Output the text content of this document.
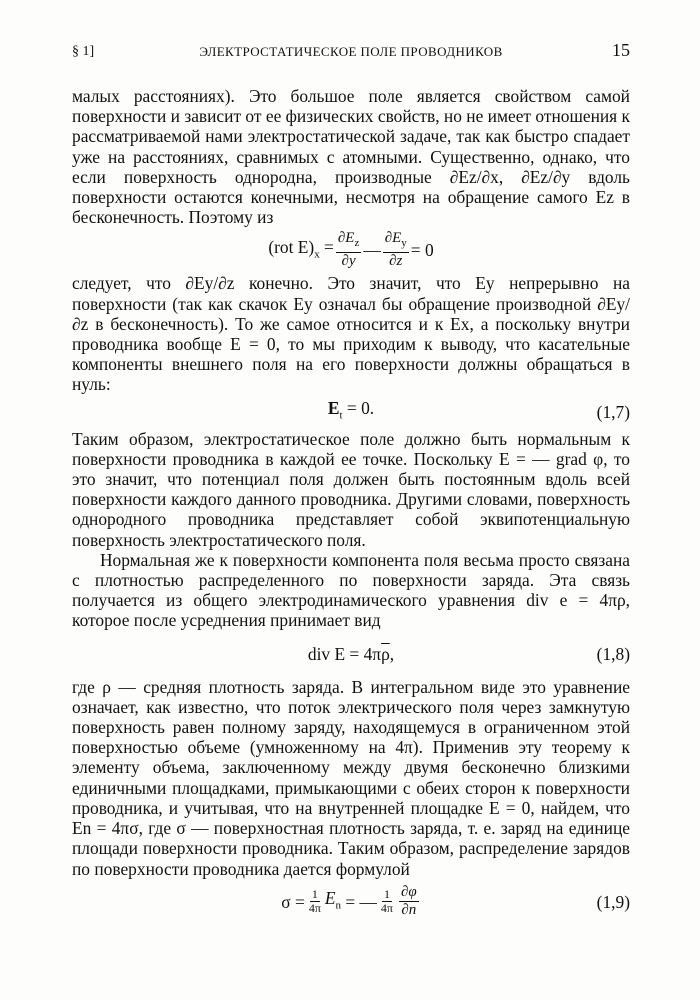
§ 1]	ЭЛЕКТРОСТАТИЧЕСКОЕ ПОЛЕ ПРОВОДНИКОВ	15

малых расстояниях). Это большое поле является свойством самой поверхности и зависит от ее физических свойств, но не имеет отношения к рассматриваемой нами электростатической задаче, так как быстро спадает уже на расстояниях, сравнимых с атомными. Существенно, однако, что если поверхность однородна, производные ∂Ez/∂x, ∂Ez/∂y вдоль поверхности остаются конечными, несмотря на обращение самого Ez в бесконечность. Поэтому из

(rot $E)_x = \frac{\partial E_z}{\partial y}$ — $\frac{\partial E_y}{\partial z} = 0$

следует, что ∂Ey/∂z конечно. Это значит, что Ey непрерывно на поверхности (так как скачок Ey означал бы обращение производной ∂Ey/∂z в бесконечность). То же самое относится и к Ex, а поскольку внутри проводника вообще E = 0, то мы приходим к выводу, что касательные компоненты внешнего поля на его поверхности должны обращаться в нуль:

$E_t = 0$.	(1,7)

Таким образом, электростатическое поле должно быть нормальным к поверхности проводника в каждой ее точке. Поскольку E = — grad φ, то это значит, что потенциал поля должен быть постоянным вдоль всей поверхности каждого данного проводника. Другими словами, поверхность однородного проводника представляет собой эквипотенциальную поверхность электростатического поля.

Нормальная же к поверхности компонента поля весьма просто связана с плотностью распределенного по поверхности заряда. Эта связь получается из общего электродинамического уравнения div e = 4πρ, которое после усреднения принимает вид

div $E = 4\pi\overline{\rho}$,	(1,8)

где ρ — средняя плотность заряда. В интегральном виде это уравнение означает, как известно, что поток электрического поля через замкнутую поверхность равен полному заряду, находящемуся в ограниченном этой поверхностью объеме (умноженному на 4π). Применив эту теорему к элементу объема, заключенному между двумя бесконечно близкими единичными площадками, примыкающими с обеих сторон к поверхности проводника, и учитывая, что на внутренней площадке E = 0, найдем, что En = 4πσ, где σ — поверхностная плотность заряда, т. е. заряд на единице площади поверхности проводника. Таким образом, распределение зарядов по поверхности проводника дается формулой

$\sigma = \frac{1}{4\pi} E_n$ = — $\frac{1}{4\pi} \frac{\partial\varphi}{\partial n}$	(1,9)
